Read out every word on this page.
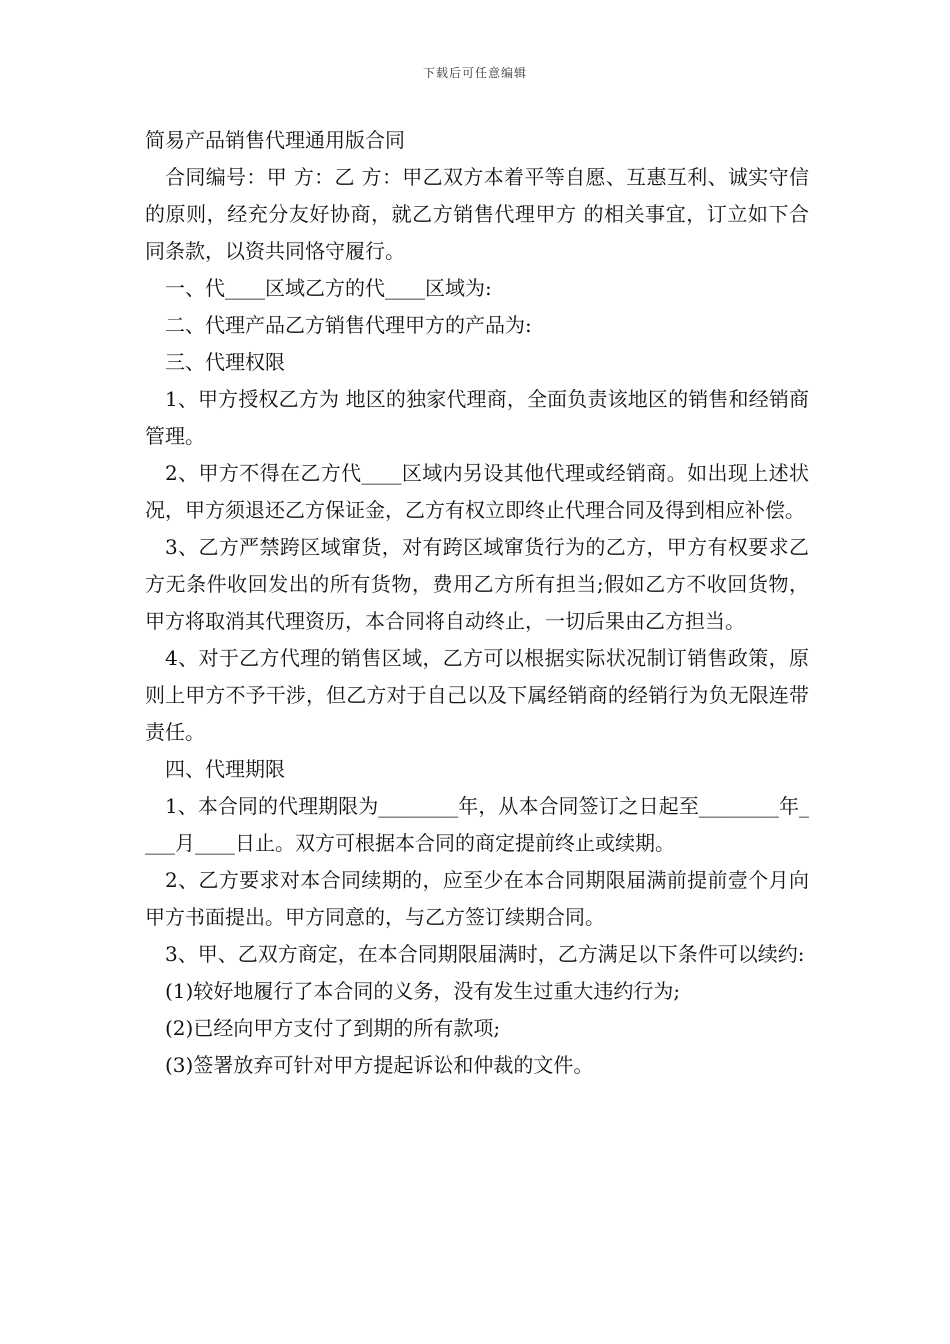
下载后可任意编辑
简易产品销售代理通用版合同

合同编号：甲 方：乙 方：甲乙双方本着平等自愿、互惠互利、诚实守信的原则，经充分友好协商，就乙方销售代理甲方 的相关事宜，订立如下合同条款，以资共同恪守履行。

一、代____区域乙方的代____区域为:

二、代理产品乙方销售代理甲方的产品为:

三、代理权限

1、甲方授权乙方为 地区的独家代理商，全面负责该地区的销售和经销商管理。

2、甲方不得在乙方代____区域内另设其他代理或经销商。如出现上述状况，甲方须退还乙方保证金，乙方有权立即终止代理合同及得到相应补偿。

3、乙方严禁跨区域窜货，对有跨区域窜货行为的乙方，甲方有权要求乙方无条件收回发出的所有货物，费用乙方所有担当;假如乙方不收回货物，甲方将取消其代理资历，本合同将自动终止，一切后果由乙方担当。

4、对于乙方代理的销售区域，乙方可以根据实际状况制订销售政策，原则上甲方不予干涉，但乙方对于自己以及下属经销商的经销行为负无限连带责任。

四、代理期限

1、本合同的代理期限为________年，从本合同签订之日起至________年____月____日止。双方可根据本合同的商定提前终止或续期。

2、乙方要求对本合同续期的，应至少在本合同期限届满前提前壹个月向甲方书面提出。甲方同意的，与乙方签订续期合同。

3、甲、乙双方商定，在本合同期限届满时，乙方满足以下条件可以续约:

(1)较好地履行了本合同的义务，没有发生过重大违约行为;

(2)已经向甲方支付了到期的所有款项;

(3)签署放弃可针对甲方提起诉讼和仲裁的文件。
